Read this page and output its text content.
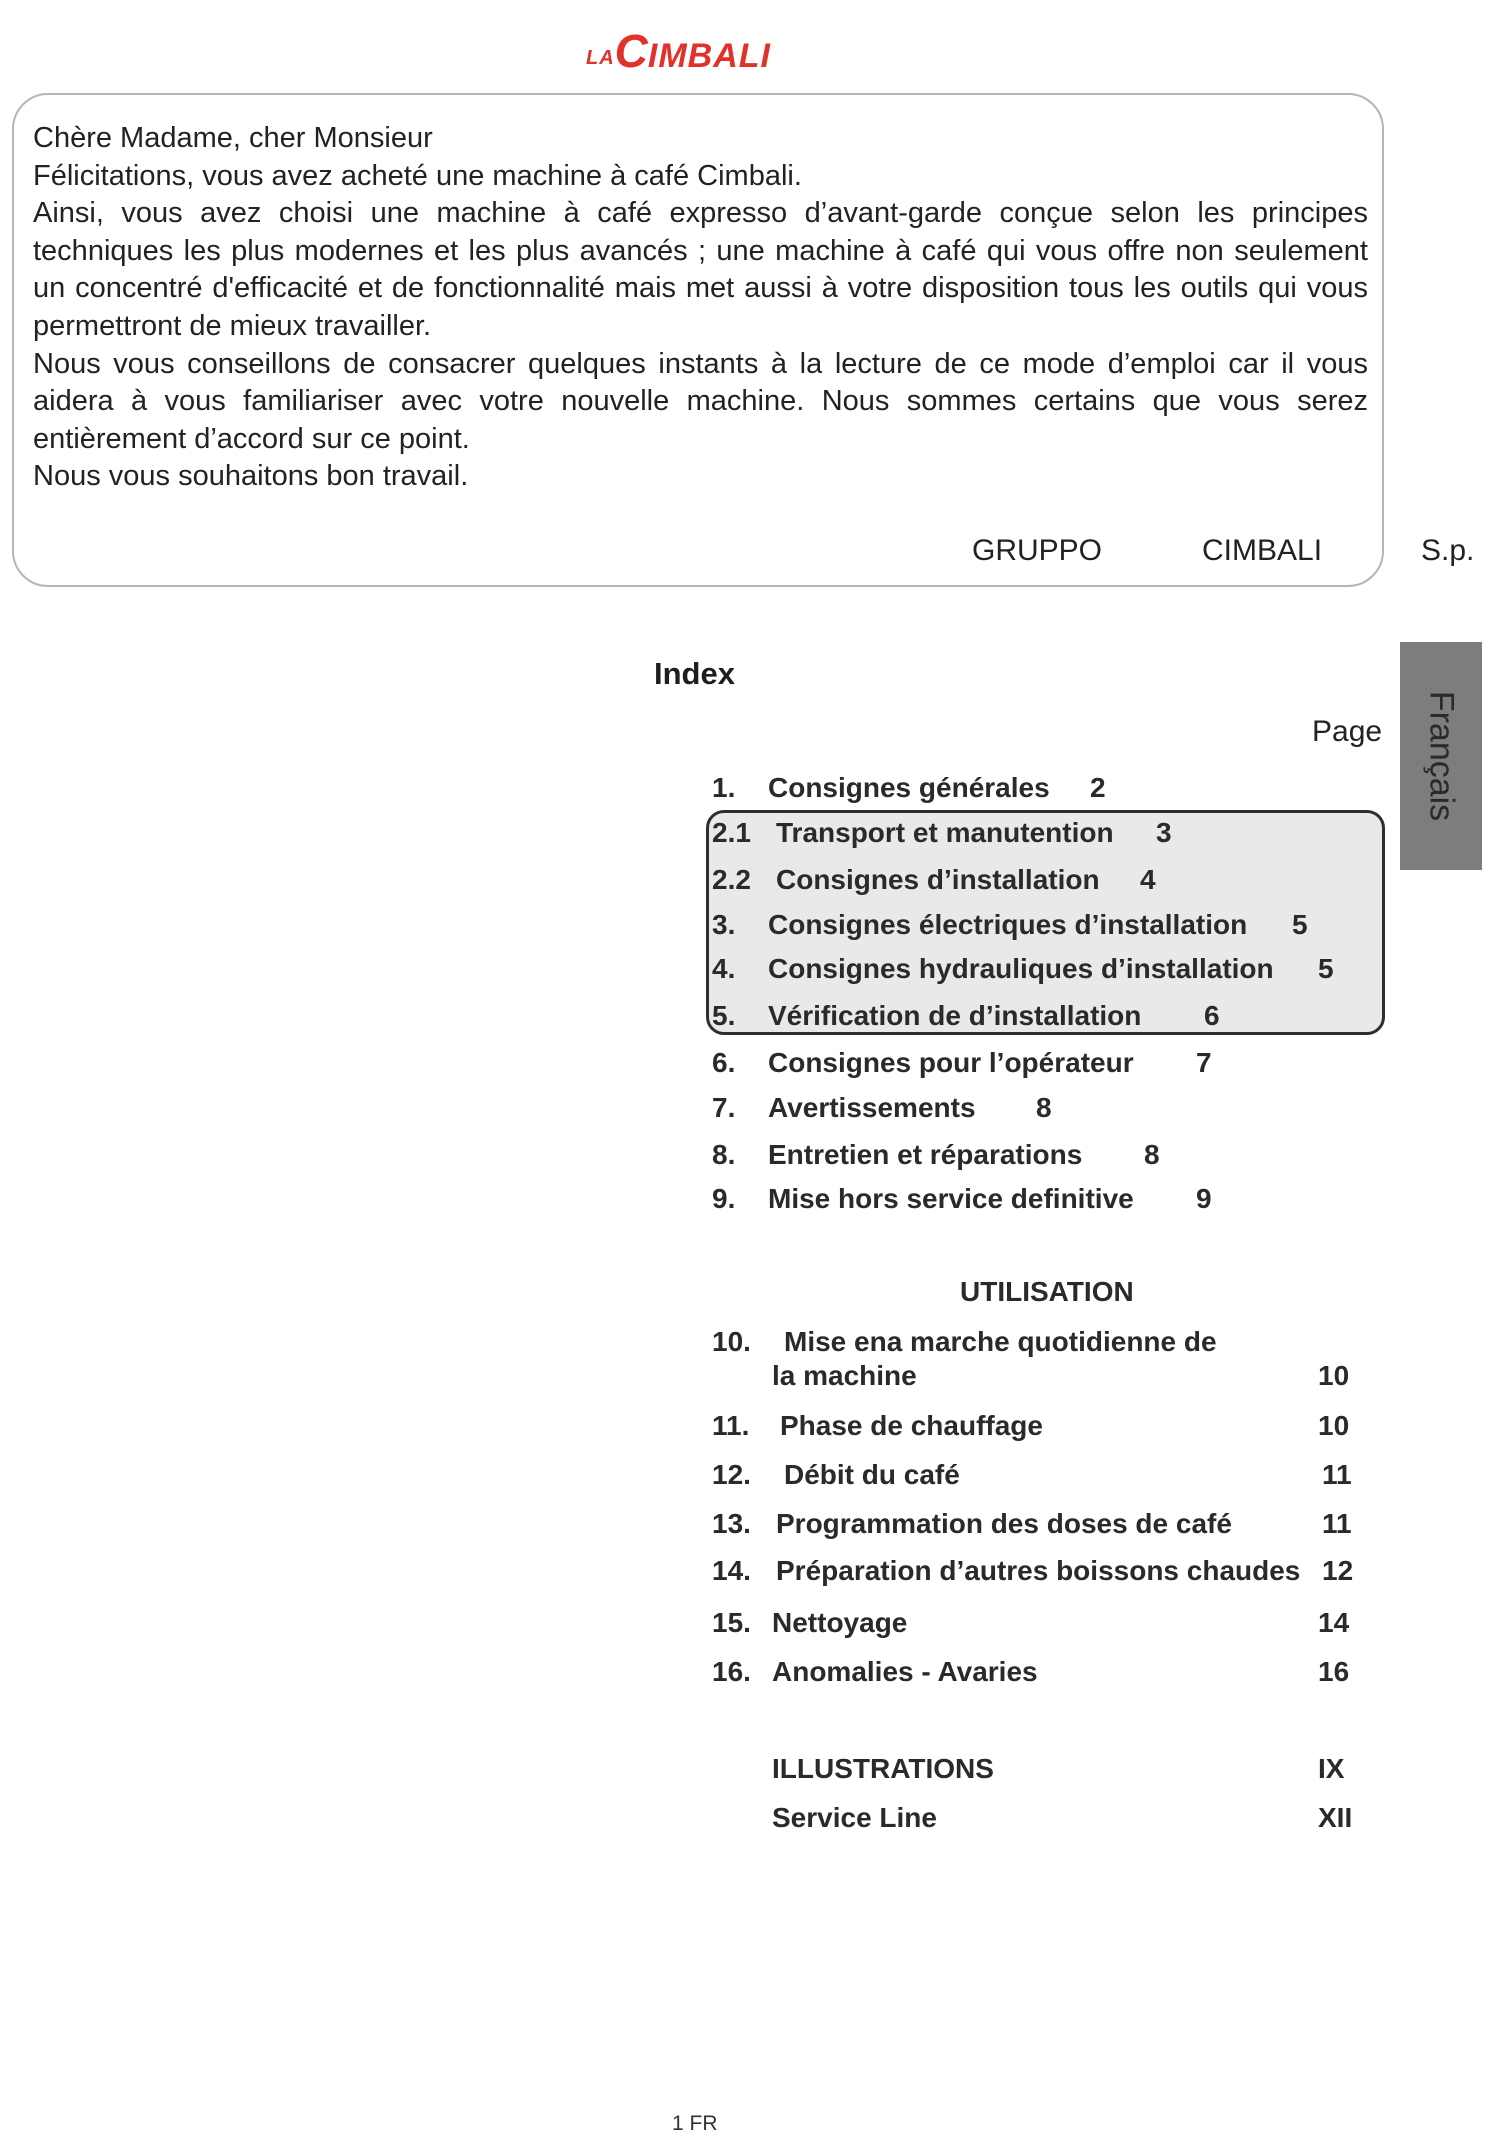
LACIMBALI

Chère Madame, cher Monsieur

Félicitations, vous avez acheté une machine à café Cimbali.

Ainsi, vous avez choisi une machine à café expresso d’avant-garde conçue selon les principes techniques les plus modernes et les plus avancés ; une machine à café qui vous offre non seulement un concentré d'efficacité et de fonctionnalité mais met aussi à votre disposition tous les outils qui vous permettront de mieux travailler.

Nous vous conseillons de consacrer quelques instants à la lecture de ce mode d’emploi car il vous aidera à vous familiariser avec votre nouvelle machine. Nous sommes certains que vous serez entièrement d’accord sur ce point.

Nous vous souhaitons bon travail.

GRUPPO	CIMBALI	S.p.
Français
Index
Page
1. Consignes générales 2
2.1 Transport et manutention 3
2.2 Consignes d’installation 4
3. Consignes électriques d’installation 5
4. Consignes hydrauliques d’installation 5
5. Vérification de d’installation 6
6. Consignes pour l’opérateur 7
7. Avertissements 8
8. Entretien et réparations 8
9. Mise hors service definitive 9
UTILISATION
10. Mise ena marche quotidienne de
la machine	10
11. Phase de chauffage	10
12. Débit du café	11
13. Programmation des doses de café	11
14. Préparation d’autres boissons chaudes 12
15. Nettoyage	14
16. Anomalies - Avaries	16
ILLUSTRATIONS	IX
Service Line	XII
1 FR
